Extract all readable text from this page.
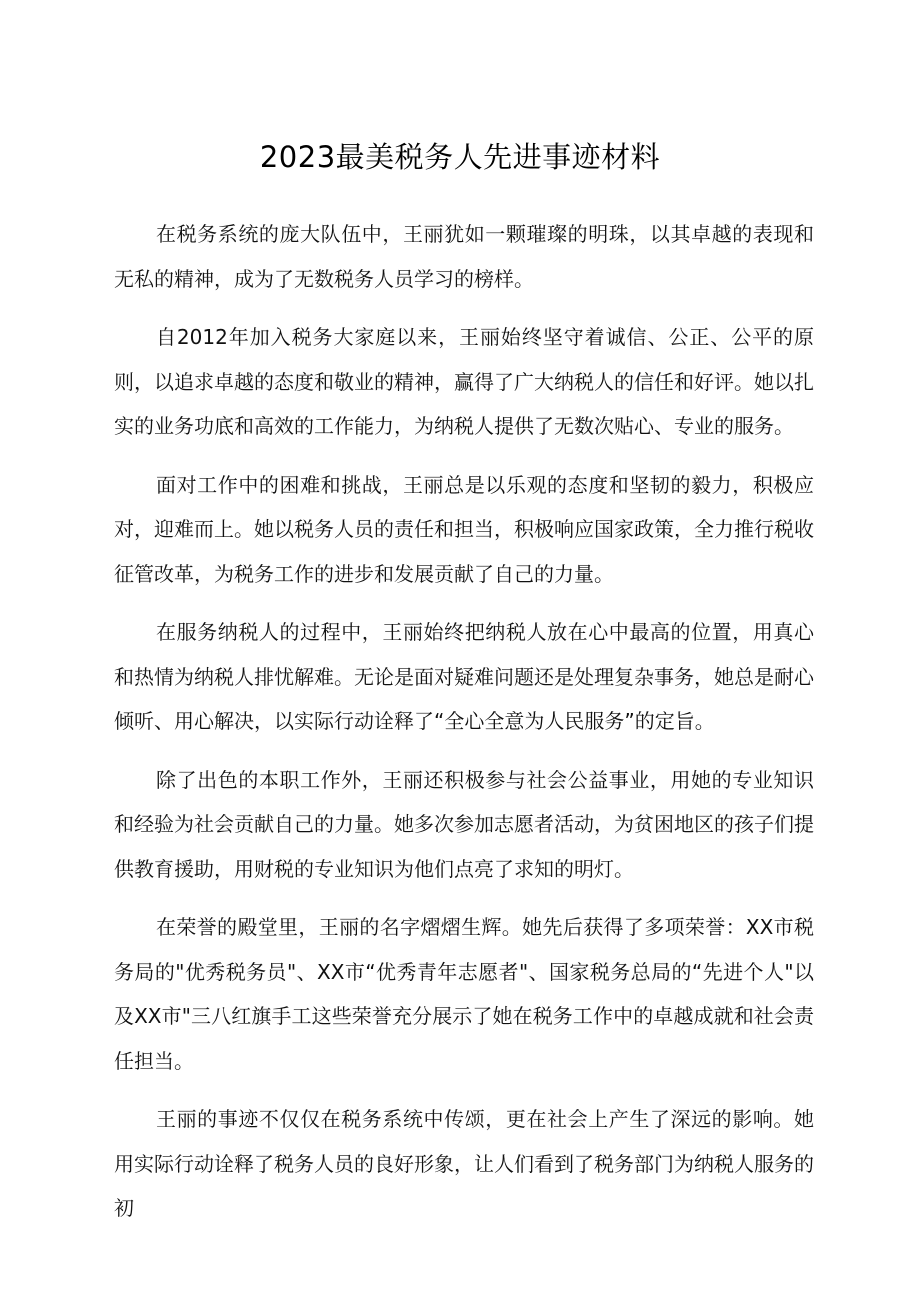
2023最美税务人先进事迹材料

在税务系统的庞大队伍中，王丽犹如一颗璀璨的明珠，以其卓越的表现和无私的精神，成为了无数税务人员学习的榜样。

自2012年加入税务大家庭以来，王丽始终坚守着诚信、公正、公平的原则，以追求卓越的态度和敬业的精神，赢得了广大纳税人的信任和好评。她以扎实的业务功底和高效的工作能力，为纳税人提供了无数次贴心、专业的服务。

面对工作中的困难和挑战，王丽总是以乐观的态度和坚韧的毅力，积极应对，迎难而上。她以税务人员的责任和担当，积极响应国家政策，全力推行税收征管改革，为税务工作的进步和发展贡献了自己的力量。

在服务纳税人的过程中，王丽始终把纳税人放在心中最高的位置，用真心和热情为纳税人排忧解难。无论是面对疑难问题还是处理复杂事务，她总是耐心倾听、用心解决，以实际行动诠释了“全心全意为人民服务”的定旨。

除了出色的本职工作外，王丽还积极参与社会公益事业，用她的专业知识和经验为社会贡献自己的力量。她多次参加志愿者活动，为贫困地区的孩子们提供教育援助，用财税的专业知识为他们点亮了求知的明灯。

在荣誉的殿堂里，王丽的名字熠熠生辉。她先后获得了多项荣誉：XX市税务局的"优秀税务员"、XX市“优秀青年志愿者"、国家税务总局的“先进个人"以及XX市"三八红旗手工这些荣誉充分展示了她在税务工作中的卓越成就和社会责任担当。

王丽的事迹不仅仅在税务系统中传颂，更在社会上产生了深远的影响。她用实际行动诠释了税务人员的良好形象，让人们看到了税务部门为纳税人服务的初
